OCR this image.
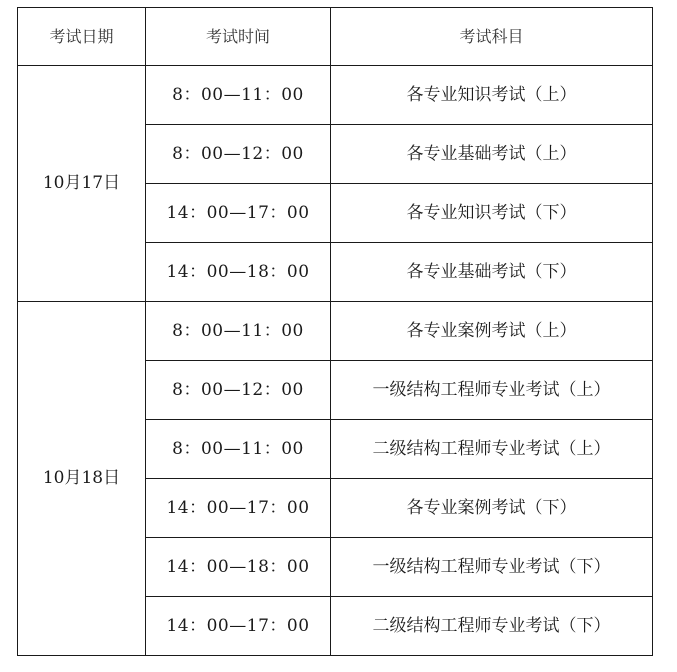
考试日期	考试时间	考试科目
10月17日	8：00—11：00	各专业知识考试（上）
	8：00—12：00	各专业基础考试（上）
	14：00—17：00	各专业知识考试（下）
	14：00—18：00	各专业基础考试（下）
10月18日	8：00—11：00	各专业案例考试（上）
	8：00—12：00	一级结构工程师专业考试（上）
	8：00—11：00	二级结构工程师专业考试（上）
	14：00—17：00	各专业案例考试（下）
	14：00—18：00	一级结构工程师专业考试（下）
	14：00—17：00	二级结构工程师专业考试（下）
